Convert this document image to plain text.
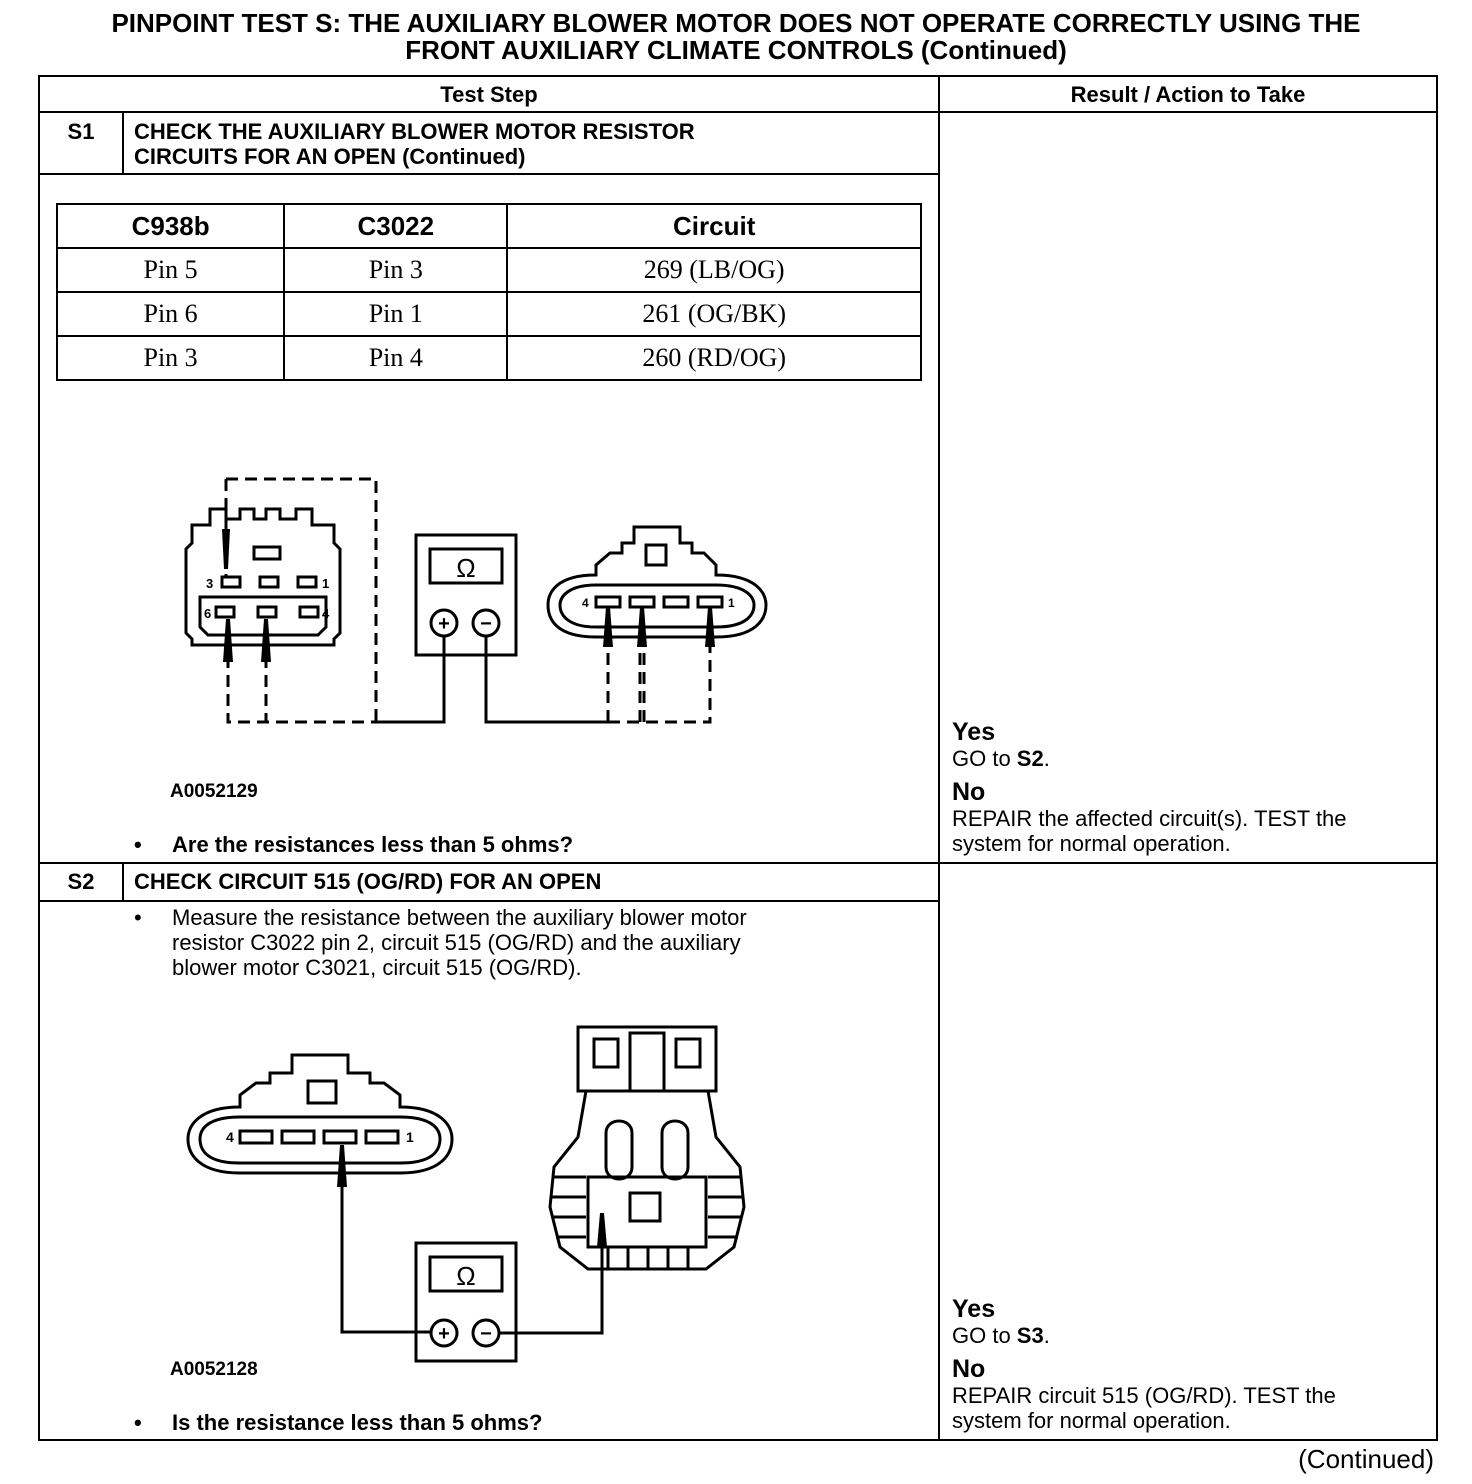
PINPOINT TEST S: THE AUXILIARY BLOWER MOTOR DOES NOT OPERATE CORRECTLY USING THE
FRONT AUXILIARY CLIMATE CONTROLS (Continued)
Test Step	Result / Action to Take
S1	CHECK THE AUXILIARY BLOWER MOTOR RESISTOR
CIRCUITS FOR AN OPEN (Continued)
C938b	C3022	Circuit
Pin 5	Pin 3	269 (LB/OG)
Pin 6	Pin 1	261 (OG/BK)
Pin 3	Pin 4	260 (RD/OG)
Ω
+ −
3	1
6	4
4	1
A0052129
• Are the resistances less than 5 ohms?

Yes

GO to S2.

No

REPAIR the affected circuit(s). TEST the

system for normal operation.

S2	CHECK CIRCUIT 515 (OG/RD) FOR AN OPEN
• Measure the resistance between the auxiliary blower motor
resistor C3022 pin 2, circuit 515 (OG/RD) and the auxiliary
blower motor C3021, circuit 515 (OG/RD).
Ω
+ −
4	1
A0052128
• Is the resistance less than 5 ohms?

Yes

GO to S3.

No

REPAIR circuit 515 (OG/RD). TEST the

system for normal operation.

(Continued)
